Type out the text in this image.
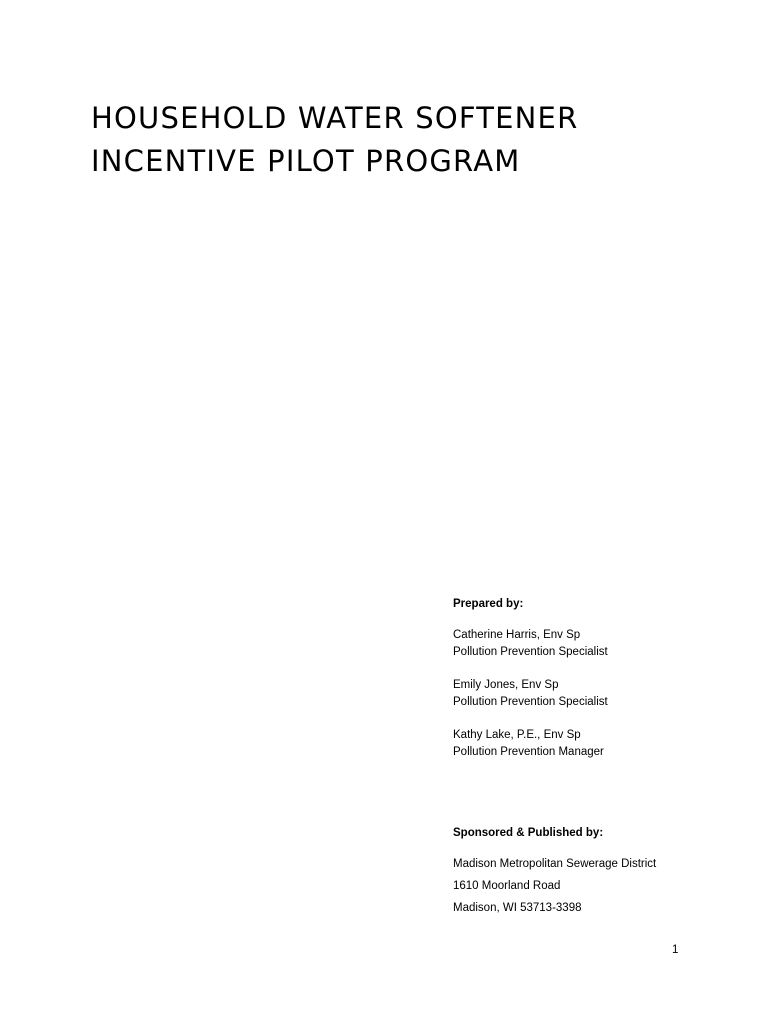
HOUSEHOLD WATER SOFTENER
INCENTIVE PILOT PROGRAM
Prepared by:
Catherine Harris, Env Sp
Pollution Prevention Specialist
Emily Jones, Env Sp
Pollution Prevention Specialist
Kathy Lake, P.E., Env Sp
Pollution Prevention Manager
Sponsored & Published by:
Madison Metropolitan Sewerage District
1610 Moorland Road
Madison, WI 53713-3398
1
